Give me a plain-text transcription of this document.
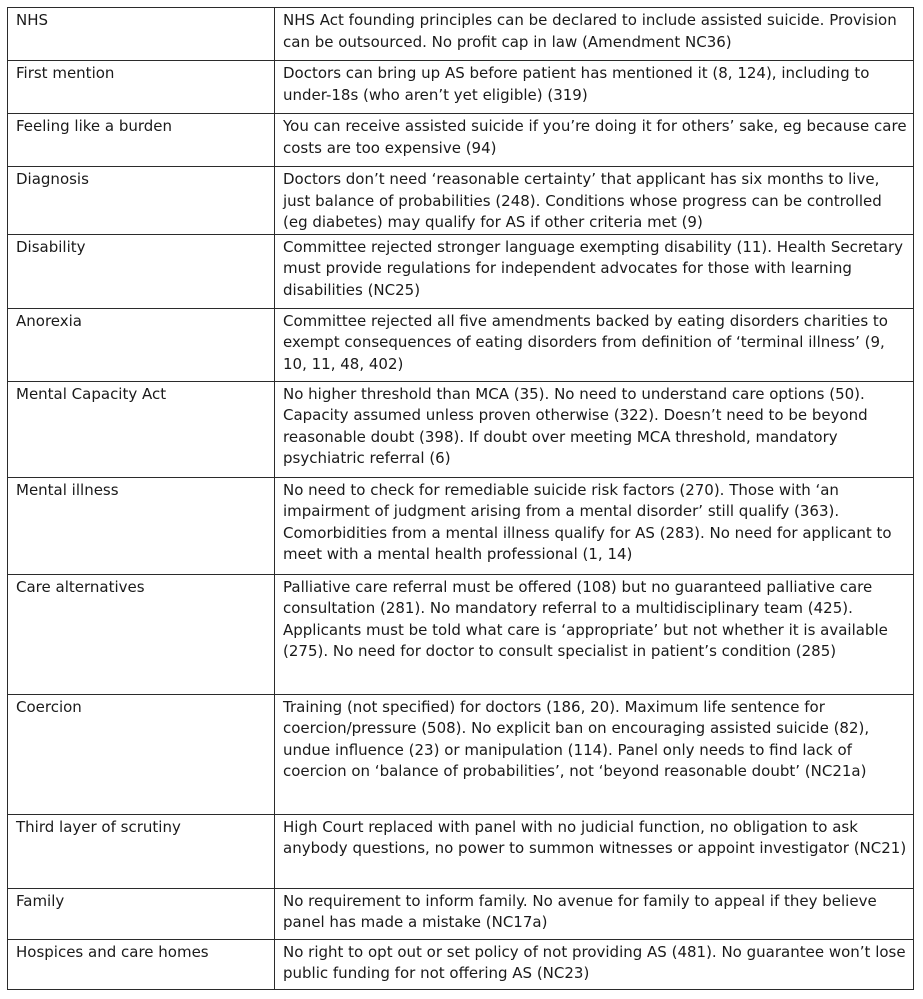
NHS	NHS Act founding principles can be declared to include assisted suicide. Provision can be outsourced. No profit cap in law (Amendment NC36)
First mention	Doctors can bring up AS before patient has mentioned it (8, 124), including to under-18s (who aren’t yet eligible) (319)
Feeling like a burden	You can receive assisted suicide if you’re doing it for others’ sake, eg because care costs are too expensive (94)
Diagnosis	Doctors don’t need ‘reasonable certainty’ that applicant has six months to live, just balance of probabilities (248). Conditions whose progress can be controlled (eg diabetes) may qualify for AS if other criteria met (9)
Disability	Committee rejected stronger language exempting disability (11). Health Secretary must provide regulations for independent advocates for those with learning disabilities (NC25)
Anorexia	Committee rejected all five amendments backed by eating disorders charities to exempt consequences of eating disorders from definition of ‘terminal illness’ (9, 10, 11, 48, 402)
Mental Capacity Act	No higher threshold than MCA (35). No need to understand care options (50). Capacity assumed unless proven otherwise (322). Doesn’t need to be beyond reasonable doubt (398). If doubt over meeting MCA threshold, mandatory psychiatric referral (6)
Mental illness	No need to check for remediable suicide risk factors (270). Those with ‘an impairment of judgment arising from a mental disorder’ still qualify (363). Comorbidities from a mental illness qualify for AS (283). No need for applicant to meet with a mental health professional (1, 14)
Care alternatives	Palliative care referral must be offered (108) but no guaranteed palliative care consultation (281). No mandatory referral to a multidisciplinary team (425). Applicants must be told what care is ‘appropriate’ but not whether it is available (275). No need for doctor to consult specialist in patient’s condition (285)
Coercion	Training (not specified) for doctors (186, 20). Maximum life sentence for coercion/pressure (508). No explicit ban on encouraging assisted suicide (82), undue influence (23) or manipulation (114). Panel only needs to find lack of coercion on ‘balance of probabilities’, not ‘beyond reasonable doubt’ (NC21a)
Third layer of scrutiny	High Court replaced with panel with no judicial function, no obligation to ask anybody questions, no power to summon witnesses or appoint investigator (NC21)
Family	No requirement to inform family. No avenue for family to appeal if they believe panel has made a mistake (NC17a)
Hospices and care homes	No right to opt out or set policy of not providing AS (481). No guarantee won’t lose public funding for not offering AS (NC23)
